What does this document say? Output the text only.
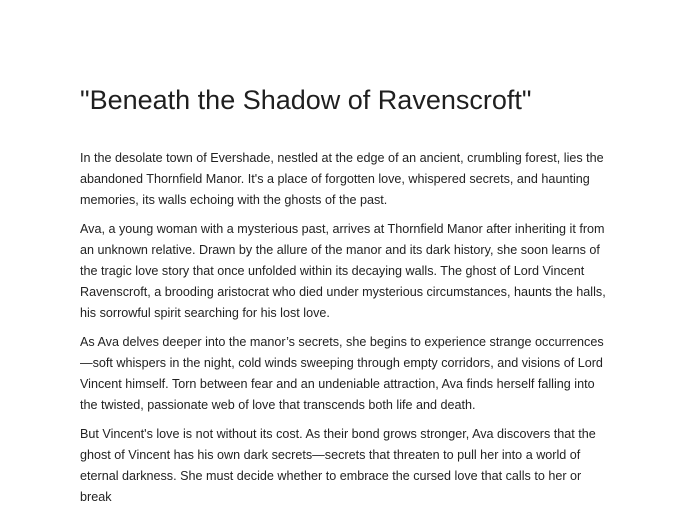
"Beneath the Shadow of Ravenscroft"

In the desolate town of Evershade, nestled at the edge of an ancient, crumbling forest, lies the abandoned Thornfield Manor. It's a place of forgotten love, whispered secrets, and haunting memories, its walls echoing with the ghosts of the past.

Ava, a young woman with a mysterious past, arrives at Thornfield Manor after inheriting it from an unknown relative. Drawn by the allure of the manor and its dark history, she soon learns of the tragic love story that once unfolded within its decaying walls. The ghost of Lord Vincent Ravenscroft, a brooding aristocrat who died under mysterious circumstances, haunts the halls, his sorrowful spirit searching for his lost love.

As Ava delves deeper into the manor’s secrets, she begins to experience strange occurrences—soft whispers in the night, cold winds sweeping through empty corridors, and visions of Lord Vincent himself. Torn between fear and an undeniable attraction, Ava finds herself falling into the twisted, passionate web of love that transcends both life and death.

But Vincent's love is not without its cost. As their bond grows stronger, Ava discovers that the ghost of Vincent has his own dark secrets—secrets that threaten to pull her into a world of eternal darkness. She must decide whether to embrace the cursed love that calls to her or break
